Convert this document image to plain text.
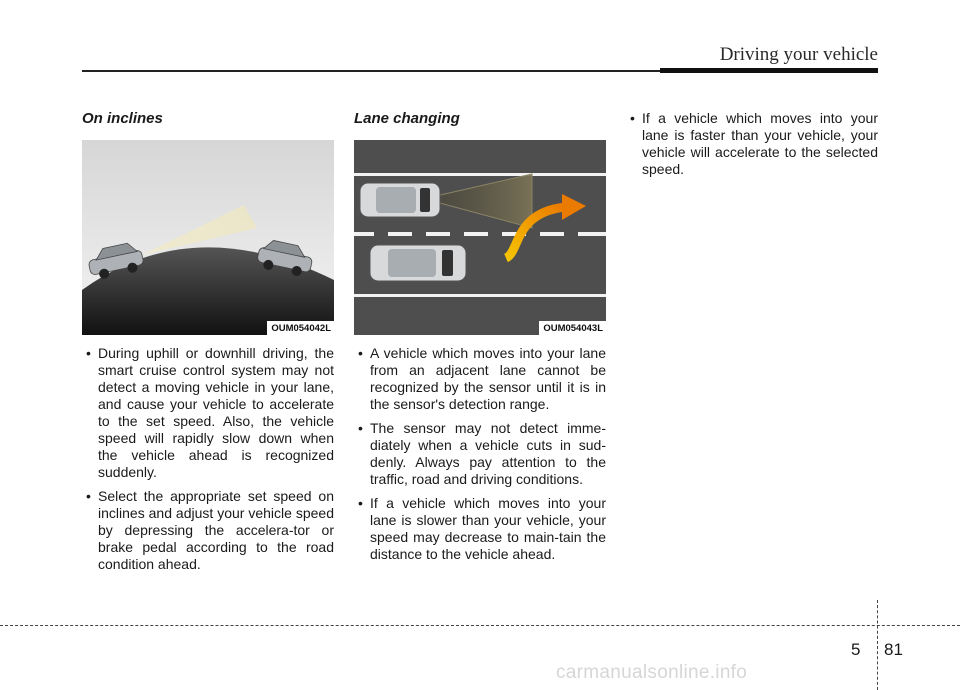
Driving your vehicle
On inclines
OUM054042L
• During uphill or downhill driving, the smart cruise control system may not detect a moving vehicle in your lane, and cause your vehicle to accelerate to the set speed. Also, the vehicle speed will rapidly slow down when the vehicle ahead is recognized suddenly.
• Select the appropriate set speed on inclines and adjust your vehicle speed by depressing the accelera-tor or brake pedal according to the road condition ahead.
Lane changing
OUM054043L
• A vehicle which moves into your lane from an adjacent lane cannot be recognized by the sensor until it is in the sensor's detection range.
• The sensor may not detect imme-diately when a vehicle cuts in sud-denly. Always pay attention to the traffic, road and driving conditions.
• If a vehicle which moves into your lane is slower than your vehicle, your speed may decrease to main-tain the distance to the vehicle ahead.
• If a vehicle which moves into your lane is faster than your vehicle, your vehicle will accelerate to the selected speed.
5 81
carmanualsonline.info
